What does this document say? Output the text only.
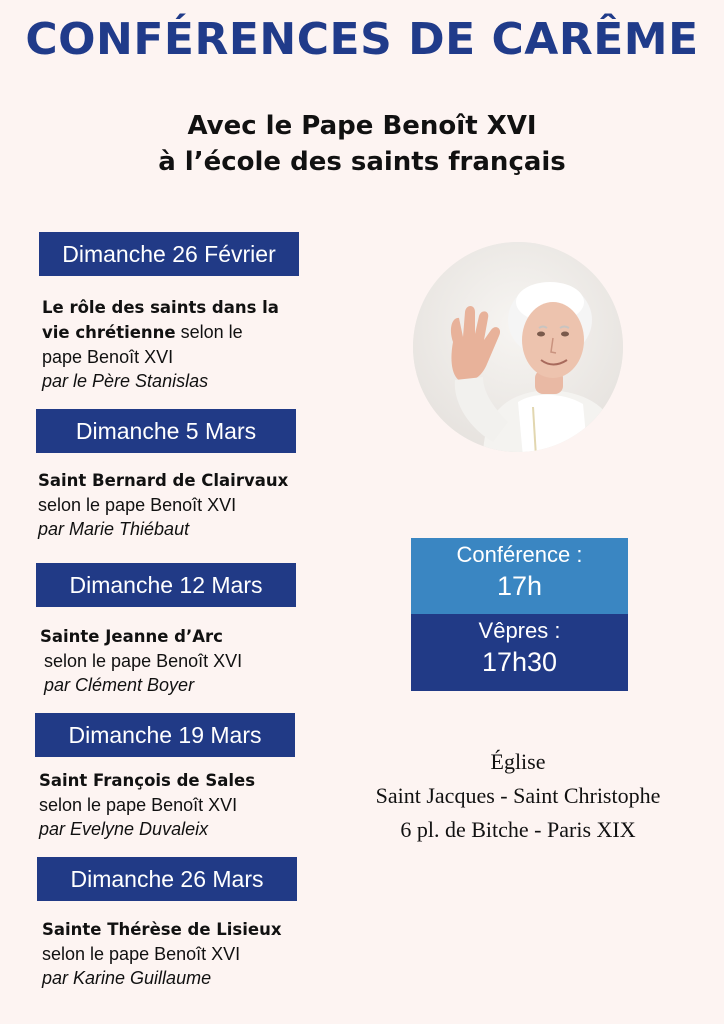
CONFÉRENCES DE CARÊME
Avec le Pape Benoît XVI
à l’école des saints français
Dimanche 26 Février
Le rôle des saints dans la
vie chrétienne selon le
pape Benoît XVI
par le Père Stanislas
Dimanche 5 Mars
Saint Bernard de Clairvaux
selon le pape Benoît XVI
par Marie Thiébaut
Dimanche 12 Mars
Sainte Jeanne d’Arc
selon le pape Benoît XVI
par Clément Boyer
Dimanche 19 Mars
Saint François de Sales
selon le pape Benoît XVI
par Evelyne Duvaleix
Dimanche 26 Mars
Sainte Thérèse de Lisieux
selon le pape Benoît XVI
par Karine Guillaume
Conférence :
17h
Vêpres :
17h30
Église
Saint Jacques - Saint Christophe
6 pl. de Bitche - Paris XIX
